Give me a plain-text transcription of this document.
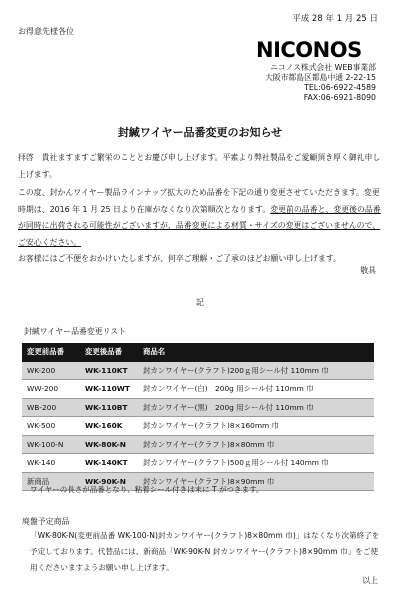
平成 28 年 1 月 25 日
お得意先様各位
NICONOS
ニコノス株式会社 WEB事業部
大阪市都島区都島中通 2-22-15
TEL:06-6922-4589
FAX:06-6921-8090
封緘ワイヤー品番変更のお知らせ
拝啓　貴社ますますご繁栄のこととお慶び申し上げます。平素より弊社製品をご愛顧頂き厚く御礼申し上げます。
この度、封かんワイヤー製品ラインナップ拡大のため品番を下記の通り変更させていただきます。変更時期は、2016 年 1 月 25 日より在庫がなくなり次第順次となります。変更前の品番と、変更後の品番が同時に出荷される可能性がございますが、品番変更による材質・サイズの変更はございませんので、ご安心ください。
お客様にはご不便をおかけいたしますが、何卒ご理解・ご了承のほどお願い申し上げます。
敬具
記
封緘ワイヤー品番変更リスト
変更前品番	変更後品番	商品名
WK-200	WK-110KT	封カンワイヤー(クラフト)200ｇ用シール付 110mm 巾
WW-200	WK-110WT	封カンワイヤー(白)　200g 用シール付 110mm 巾
WB-200	WK-110BT	封カンワイヤー(黒)　200g 用シール付 110mm 巾
WK-500	WK-160K	封カンワイヤー(クラフト)8×160mm 巾
WK-100-N	WK-80K-N	封カンワイヤー(クラフト)8×80mm 巾
WK-140	WK-140KT	封カンワイヤー(クラフト)500ｇ用シール付 140mm 巾
新商品	WK-90K-N	封カンワイヤー(クラフト)8×90mm 巾
ワイヤーの長さが品番となり、粘着シール付きは末に T がつきます。
廃盤予定商品
「WK-80K-N(変更前品番 WK-100-N)封カンワイヤー(クラフト)8×80mm 巾)」はなくなり次第終了を予定しております。代替品には、新商品「WK-90K-N 封カンワイヤー(クラフト)8×90mm 巾」をご使用くださいますようお願い申し上げます。
以上
